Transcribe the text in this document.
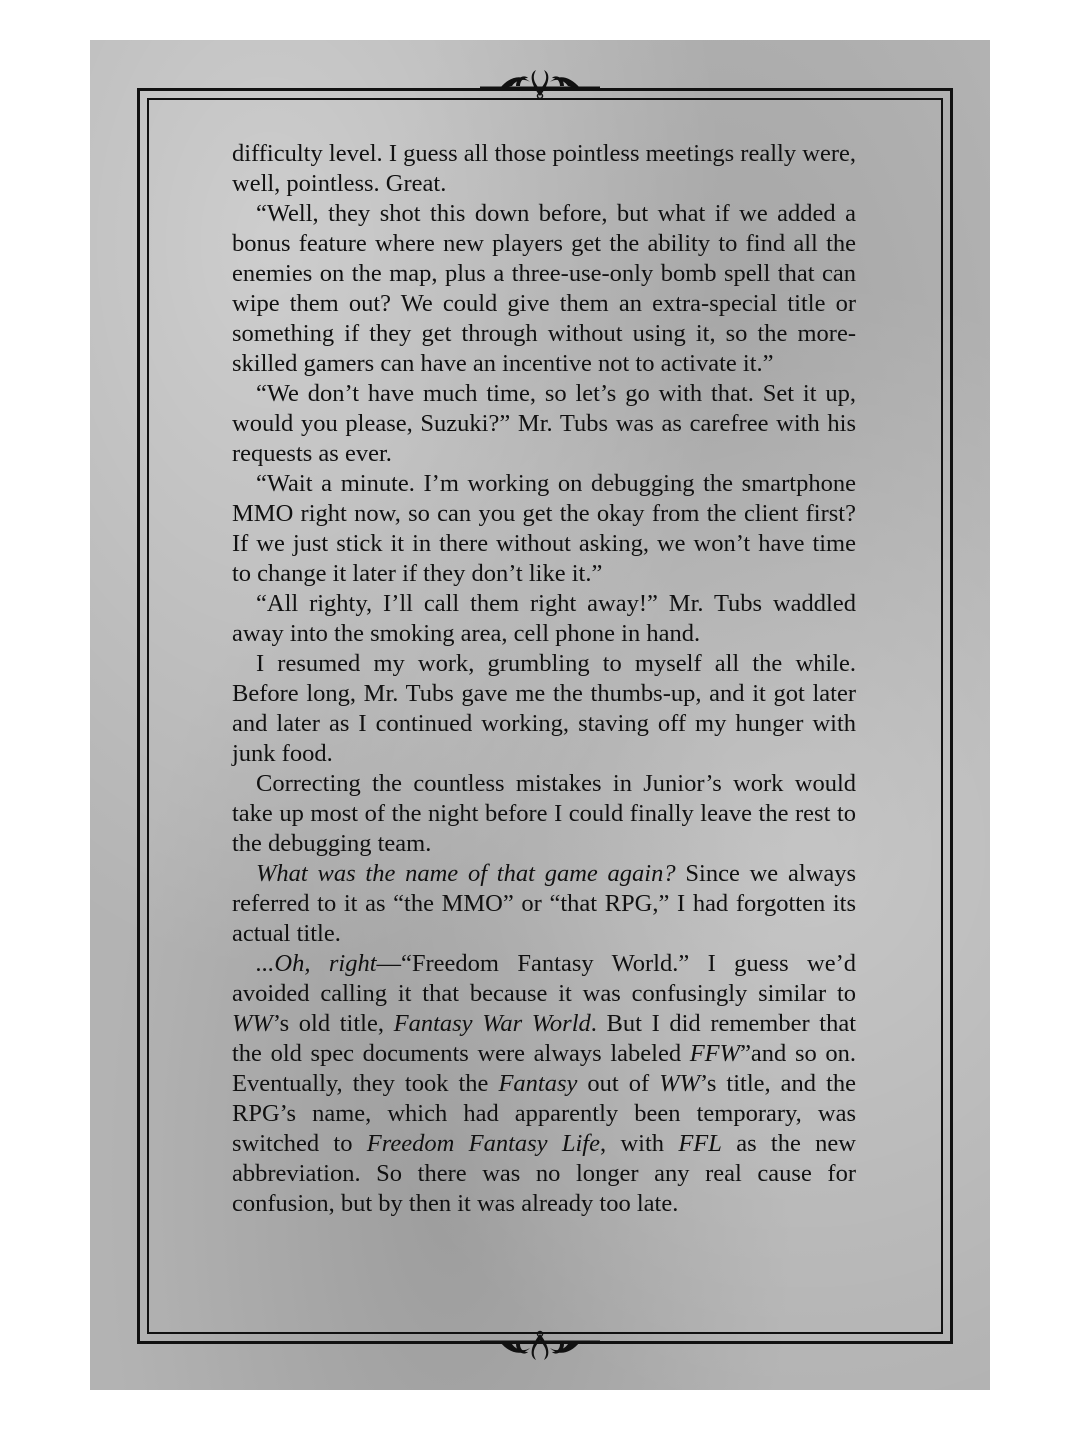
difficulty level. I guess all those pointless meetings really were, well, pointless. Great.

“Well, they shot this down before, but what if we added a bonus feature where new players get the ability to find all the enemies on the map, plus a three-use-only bomb spell that can wipe them out? We could give them an extra-special title or something if they get through without using it, so the more-skilled gamers can have an incentive not to activate it.”

“We don’t have much time, so let’s go with that. Set it up, would you please, Suzuki?” Mr. Tubs was as carefree with his requests as ever.

“Wait a minute. I’m working on debugging the smartphone MMO right now, so can you get the okay from the client first? If we just stick it in there without asking, we won’t have time to change it later if they don’t like it.”

“All righty, I’ll call them right away!” Mr. Tubs waddled away into the smoking area, cell phone in hand.

I resumed my work, grumbling to myself all the while. Before long, Mr. Tubs gave me the thumbs-up, and it got later and later as I continued working, staving off my hunger with junk food.

Correcting the countless mistakes in Junior’s work would take up most of the night before I could finally leave the rest to the debugging team.

What was the name of that game again? Since we always referred to it as “the MMO” or “that RPG,” I had forgotten its actual title.

...Oh, right—“Freedom Fantasy World.” I guess we’d avoided calling it that because it was confusingly similar to WW’s old title, Fantasy War World. But I did remember that the old spec documents were always labeled FFW”and so on. Eventually, they took the Fantasy out of WW’s title, and the RPG’s name, which had apparently been temporary, was switched to Freedom Fantasy Life, with FFL as the new abbreviation. So there was no longer any real cause for confusion, but by then it was already too late.
